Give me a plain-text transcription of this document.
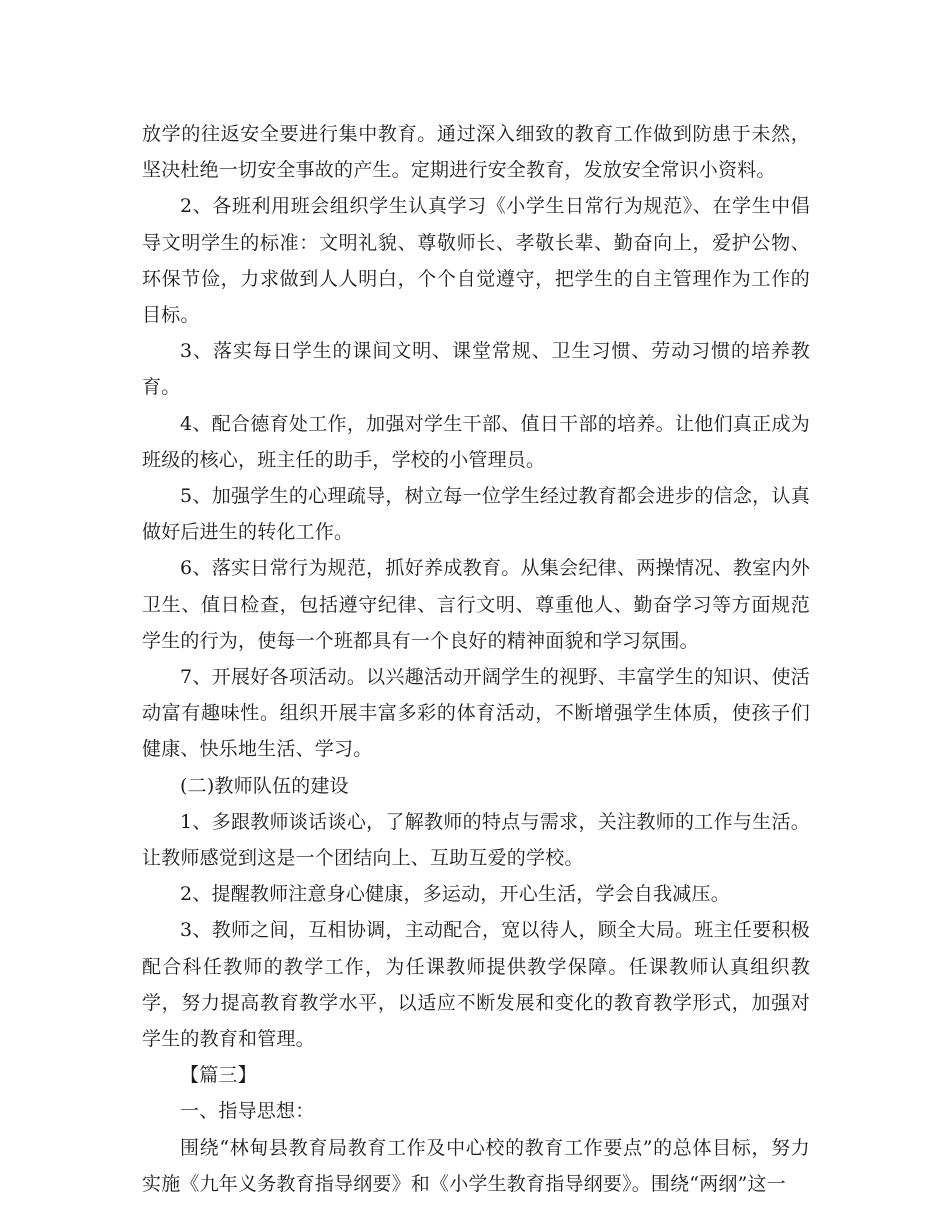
放学的往返安全要进行集中教育。通过深入细致的教育工作做到防患于未然，坚决杜绝一切安全事故的产生。定期进行安全教育，发放安全常识小资料。

2、各班利用班会组织学生认真学习《小学生日常行为规范》、在学生中倡导文明学生的标准：文明礼貌、尊敬师长、孝敬长辈、勤奋向上，爱护公物、环保节俭，力求做到人人明白，个个自觉遵守，把学生的自主管理作为工作的目标。

3、落实每日学生的课间文明、课堂常规、卫生习惯、劳动习惯的培养教育。

4、配合德育处工作，加强对学生干部、值日干部的培养。让他们真正成为班级的核心，班主任的助手，学校的小管理员。

5、加强学生的心理疏导，树立每一位学生经过教育都会进步的信念，认真做好后进生的转化工作。

6、落实日常行为规范，抓好养成教育。从集会纪律、两操情况、教室内外卫生、值日检查，包括遵守纪律、言行文明、尊重他人、勤奋学习等方面规范学生的行为，使每一个班都具有一个良好的精神面貌和学习氛围。

7、开展好各项活动。以兴趣活动开阔学生的视野、丰富学生的知识、使活动富有趣味性。组织开展丰富多彩的体育活动，不断增强学生体质，使孩子们健康、快乐地生活、学习。

(二)教师队伍的建设

1、多跟教师谈话谈心，了解教师的特点与需求，关注教师的工作与生活。让教师感觉到这是一个团结向上、互助互爱的学校。

2、提醒教师注意身心健康，多运动，开心生活，学会自我减压。

3、教师之间，互相协调，主动配合，宽以待人，顾全大局。班主任要积极配合科任教师的教学工作，为任课教师提供教学保障。任课教师认真组织教学，努力提高教育教学水平，以适应不断发展和变化的教育教学形式，加强对学生的教育和管理。

【篇三】

一、指导思想：

围绕“林甸县教育局教育工作及中心校的教育工作要点”的总体目标，努力实施《九年义务教育指导纲要》和《小学生教育指导纲要》。围绕“两纲”这一
